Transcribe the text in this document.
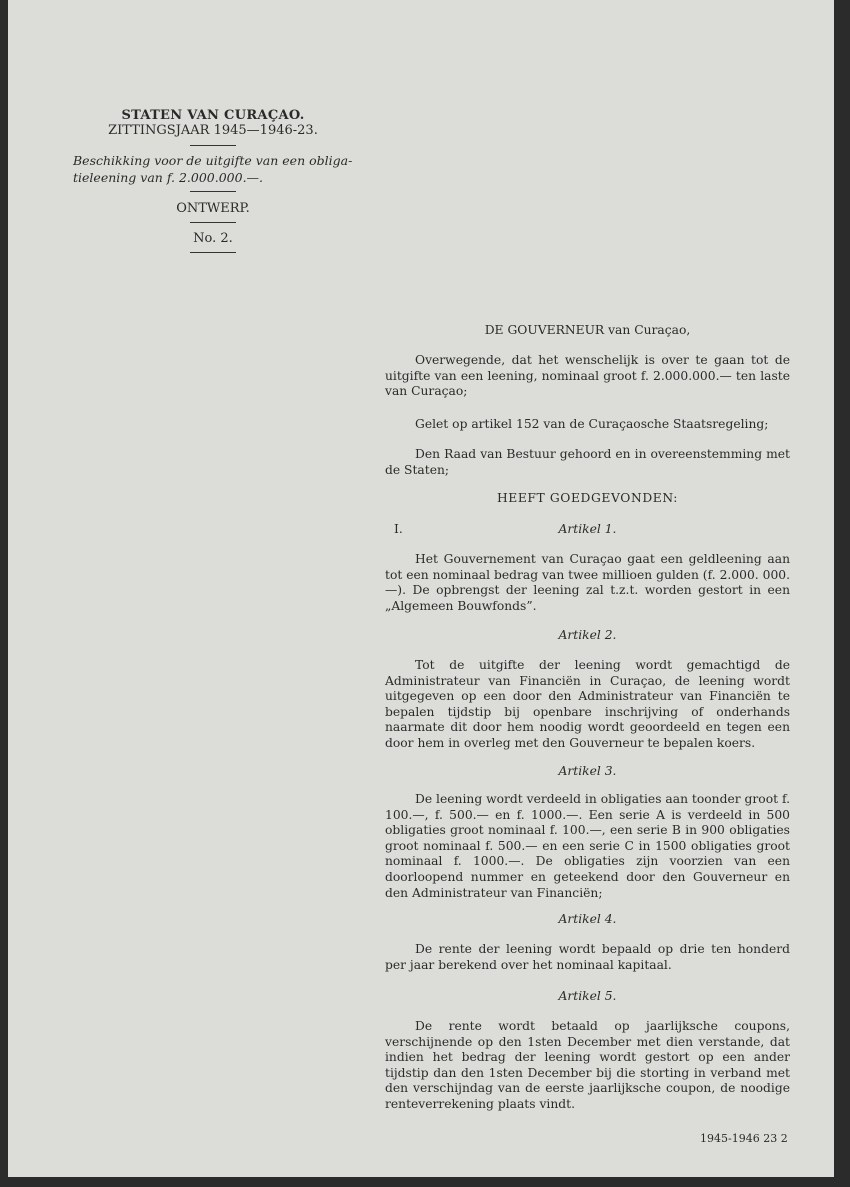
STATEN VAN CURAÇAO.
ZITTINGSJAAR 1945—1946-23.
Beschikking voor de uitgifte van een obliga-tieleening van f. 2.000.000.—.
ONTWERP.
No. 2.
DE GOUVERNEUR van Curaçao,
Overwegende, dat het wenschelijk is over te gaan tot de uitgifte van een leening, nominaal groot f. 2.000.000.— ten laste van Curaçao;
Gelet op artikel 152 van de Curaçaosche Staatsregeling;
Den Raad van Bestuur gehoord en in overeenstemming met de Staten;
HEEFT GOEDGEVONDEN:
I.	Artikel 1.
Het Gouvernement van Curaçao gaat een geldleening aan tot een nominaal bedrag van twee millioen gulden (f. 2.000. 000.—). De opbrengst der leening zal t.z.t. worden gestort in een „Algemeen Bouwfonds”.
Artikel 2.
Tot de uitgifte der leening wordt gemachtigd de Administrateur van Financiën in Curaçao, de leening wordt uitgegeven op een door den Administrateur van Financiën te bepalen tijdstip bij openbare inschrijving of onderhands naarmate dit door hem noodig wordt geoordeeld en tegen een door hem in overleg met den Gouverneur te bepalen koers.
Artikel 3.
De leening wordt verdeeld in obligaties aan toonder groot f. 100.—, f. 500.— en f. 1000.—. Een serie A is verdeeld in 500 obligaties groot nominaal f. 100.—, een serie B in 900 obligaties groot nominaal f. 500.— en een serie C in 1500 obligaties groot nominaal f. 1000.—. De obligaties zijn voorzien van een doorloopend nummer en geteekend door den Gouverneur en den Administrateur van Financiën;
Artikel 4.
De rente der leening wordt bepaald op drie ten honderd per jaar berekend over het nominaal kapitaal.
Artikel 5.
De rente wordt betaald op jaarlijksche coupons, verschijnende op den 1sten December met dien verstande, dat indien het bedrag der leening wordt gestort op een ander tijdstip dan den 1sten December bij die storting in verband met den verschijndag van de eerste jaarlijksche coupon, de noodige renteverrekening plaats vindt.
1945-1946 23 2
